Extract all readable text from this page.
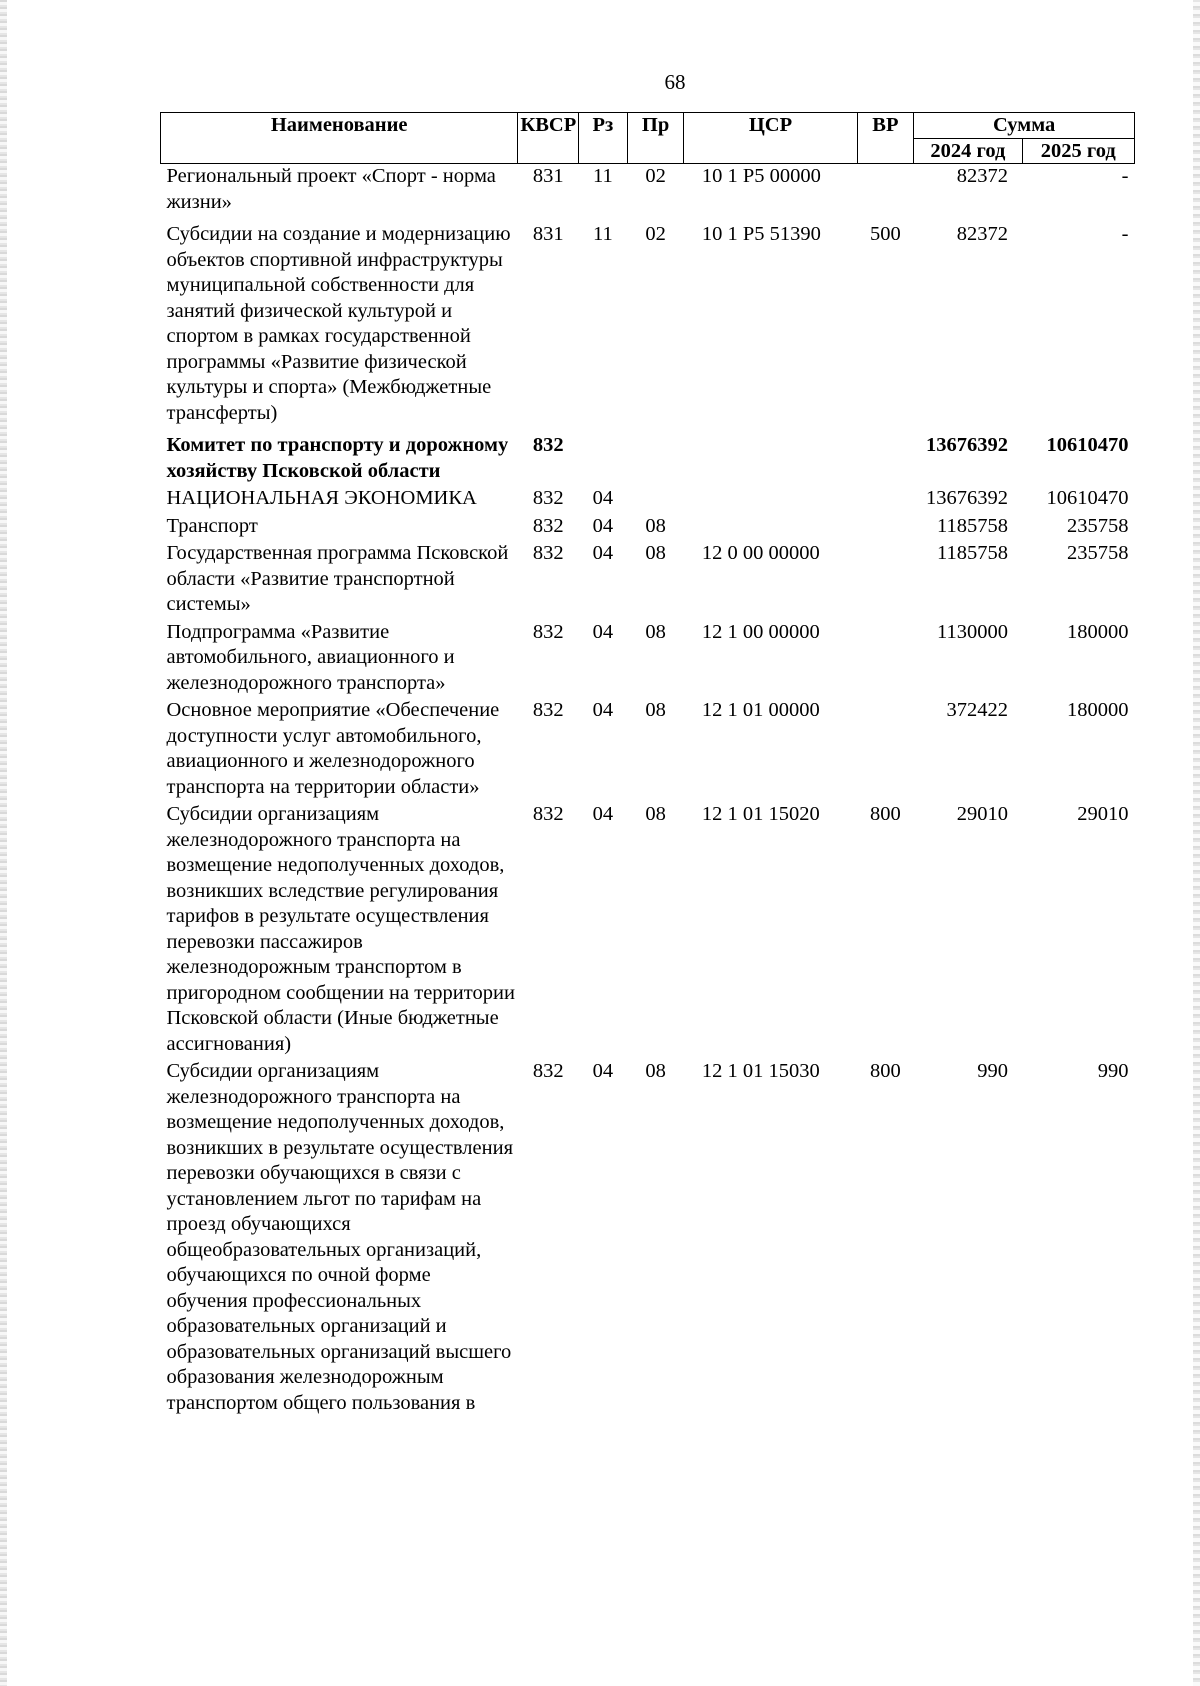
68
Наименование	КВСР	Рз	Пр	ЦСР	ВР	Сумма	
						2024 год	2025 год
Региональный проект «Спорт - норма жизни»	831	11	02	10 1 P5 00000		82372	-
Субсидии на создание и модернизацию объектов спортивной инфраструктуры муниципальной собственности для занятий физической культурой и спортом в рамках государственной программы «Развитие физической культуры и спорта» (Межбюджетные трансферты)	831	11	02	10 1 P5 51390	500	82372	-
Комитет по транспорту и дорожному хозяйству Псковской области	832					13676392	10610470
НАЦИОНАЛЬНАЯ ЭКОНОМИКА	832	04				13676392	10610470
Транспорт	832	04	08			1185758	235758
Государственная программа Псковской области «Развитие транспортной системы»	832	04	08	12 0 00 00000		1185758	235758
Подпрограмма «Развитие автомобильного, авиационного и железнодорожного транспорта»	832	04	08	12 1 00 00000		1130000	180000
Основное мероприятие «Обеспечение доступности услуг автомобильного, авиационного и железнодорожного транспорта на территории области»	832	04	08	12 1 01 00000		372422	180000
Субсидии организациям железнодорожного транспорта на возмещение недополученных доходов, возникших вследствие регулирования тарифов в результате осуществления перевозки пассажиров железнодорожным транспортом в пригородном сообщении на территории Псковской области (Иные бюджетные ассигнования)	832	04	08	12 1 01 15020	800	29010	29010
Субсидии организациям железнодорожного транспорта на возмещение недополученных доходов, возникших в результате осуществления перевозки обучающихся в связи с установлением льгот по тарифам на проезд обучающихся общеобразовательных организаций, обучающихся по очной форме обучения профессиональных образовательных организаций и образовательных организаций высшего образования железнодорожным транспортом общего пользования в	832	04	08	12 1 01 15030	800	990	990
